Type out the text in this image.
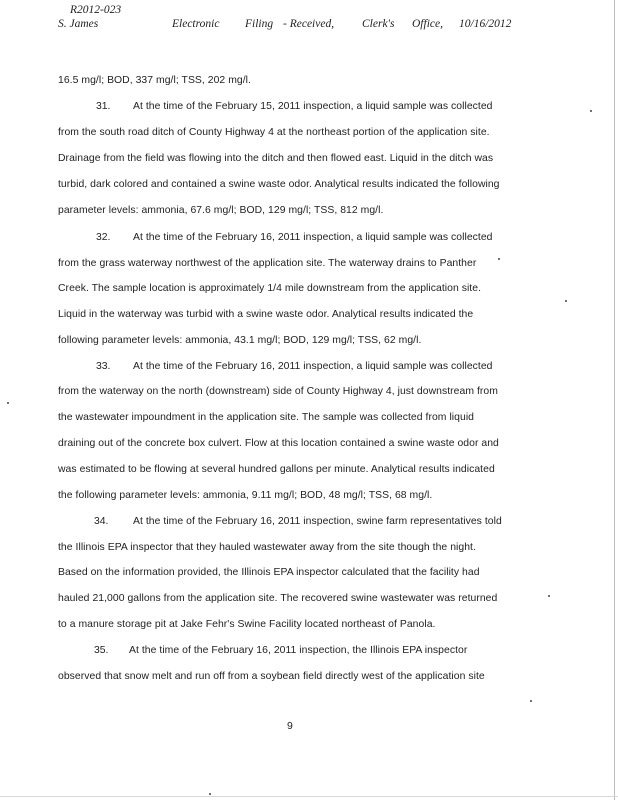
R2012-023
S. James	Electronic Filing - Received, Clerk's Office, 10/16/2012
16.5 mg/l; BOD, 337 mg/l; TSS, 202 mg/l.
31. At the time of the February 15, 2011 inspection, a liquid sample was collected
from the south road ditch of County Highway 4 at the northeast portion of the application site.
Drainage from the field was flowing into the ditch and then flowed east. Liquid in the ditch was
turbid, dark colored and contained a swine waste odor. Analytical results indicated the following
parameter levels: ammonia, 67.6 mg/l; BOD, 129 mg/l; TSS, 812 mg/l.
32. At the time of the February 16, 2011 inspection, a liquid sample was collected
from the grass waterway northwest of the application site. The waterway drains to Panther
Creek. The sample location is approximately 1/4 mile downstream from the application site.
Liquid in the waterway was turbid with a swine waste odor. Analytical results indicated the
following parameter levels: ammonia, 43.1 mg/l; BOD, 129 mg/l; TSS, 62 mg/l.
33. At the time of the February 16, 2011 inspection, a liquid sample was collected
from the waterway on the north (downstream) side of County Highway 4, just downstream from
the wastewater impoundment in the application site. The sample was collected from liquid
draining out of the concrete box culvert. Flow at this location contained a swine waste odor and
was estimated to be flowing at several hundred gallons per minute. Analytical results indicated
the following parameter levels: ammonia, 9.11 mg/l; BOD, 48 mg/l; TSS, 68 mg/l.
34. At the time of the February 16, 2011 inspection, swine farm representatives told
the Illinois EPA inspector that they hauled wastewater away from the site though the night.
Based on the information provided, the Illinois EPA inspector calculated that the facility had
hauled 21,000 gallons from the application site. The recovered swine wastewater was returned
to a manure storage pit at Jake Fehr's Swine Facility located northeast of Panola.
35. At the time of the February 16, 2011 inspection, the Illinois EPA inspector
observed that snow melt and run off from a soybean field directly west of the application site
9
